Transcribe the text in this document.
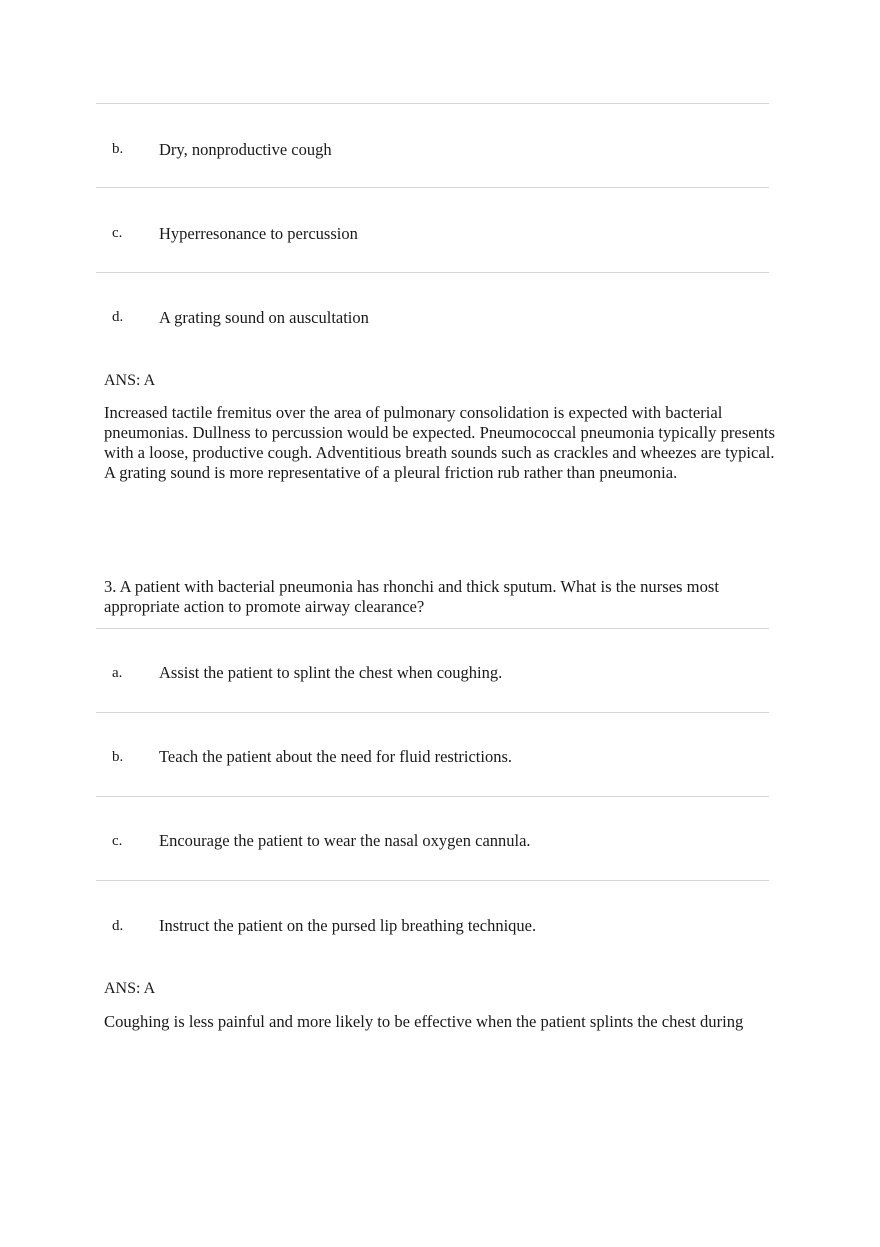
b. Dry, nonproductive cough
c. Hyperresonance to percussion
d. A grating sound on auscultation
ANS: A
Increased tactile fremitus over the area of pulmonary consolidation is expected with bacterial pneumonias. Dullness to percussion would be expected. Pneumococcal pneumonia typically presents with a loose, productive cough. Adventitious breath sounds such as crackles and wheezes are typical. A grating sound is more representative of a pleural friction rub rather than pneumonia.
3. A patient with bacterial pneumonia has rhonchi and thick sputum. What is the nurses most appropriate action to promote airway clearance?
a. Assist the patient to splint the chest when coughing.
b. Teach the patient about the need for fluid restrictions.
c. Encourage the patient to wear the nasal oxygen cannula.
d. Instruct the patient on the pursed lip breathing technique.
ANS: A
Coughing is less painful and more likely to be effective when the patient splints the chest during
